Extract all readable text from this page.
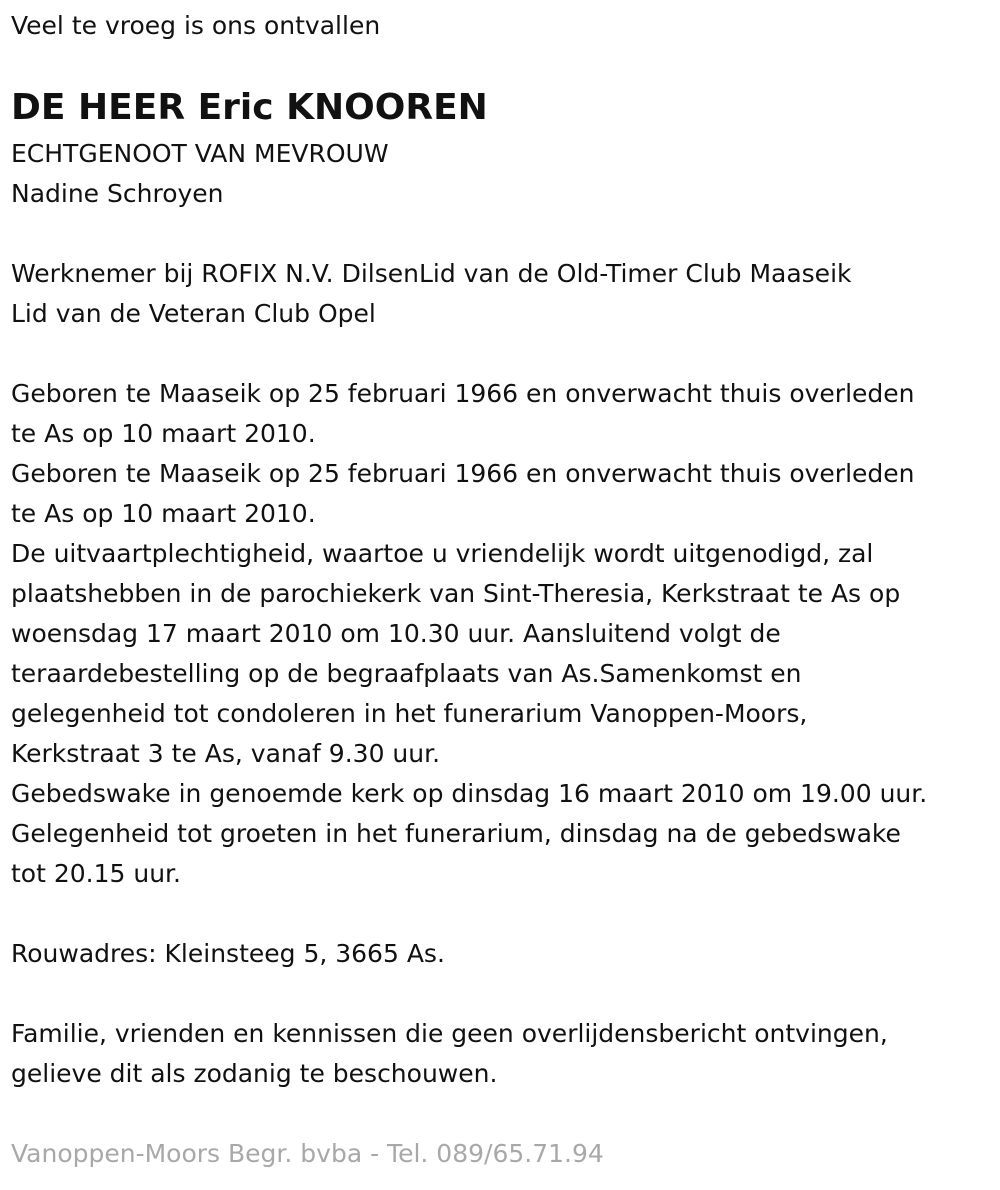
Veel te vroeg is ons ontvallen

DE HEER Eric KNOOREN

ECHTGENOOT VAN MEVROUW

Nadine Schroyen

Werknemer bij ROFIX N.V. DilsenLid van de Old-Timer Club Maaseik

Lid van de Veteran Club Opel

Geboren te Maaseik op 25 februari 1966 en onverwacht thuis overleden

te As op 10 maart 2010.

Geboren te Maaseik op 25 februari 1966 en onverwacht thuis overleden

te As op 10 maart 2010.

De uitvaartplechtigheid, waartoe u vriendelijk wordt uitgenodigd, zal

plaatshebben in de parochiekerk van Sint-Theresia, Kerkstraat te As op

woensdag 17 maart 2010 om 10.30 uur. Aansluitend volgt de

teraardebestelling op de begraafplaats van As.Samenkomst en

gelegenheid tot condoleren in het funerarium Vanoppen-Moors,

Kerkstraat 3 te As, vanaf 9.30 uur.

Gebedswake in genoemde kerk op dinsdag 16 maart 2010 om 19.00 uur.

Gelegenheid tot groeten in het funerarium, dinsdag na de gebedswake

tot 20.15 uur.

Rouwadres: Kleinsteeg 5, 3665 As.

Familie, vrienden en kennissen die geen overlijdensbericht ontvingen,

gelieve dit als zodanig te beschouwen.

Vanoppen-Moors Begr. bvba - Tel. 089/65.71.94
